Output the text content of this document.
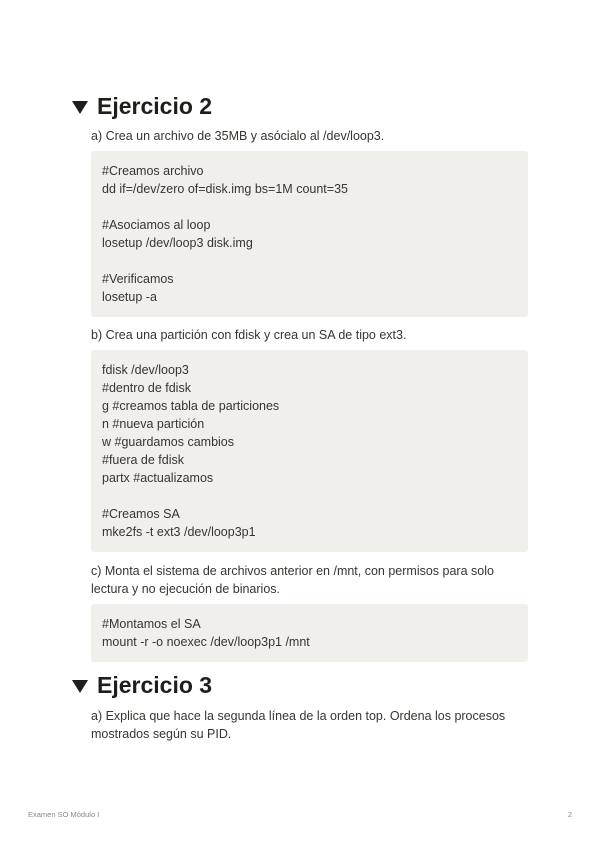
Ejercicio 2
a) Crea un archivo de 35MB y asócialo al /dev/loop3.
#Creamos archivo
dd if=/dev/zero of=disk.img bs=1M count=35
#Asociamos al loop
losetup /dev/loop3 disk.img
#Verificamos
losetup -a
b) Crea una partición con fdisk y crea un SA de tipo ext3.
fdisk /dev/loop3
#dentro de fdisk
g #creamos tabla de particiones
n #nueva partición
w #guardamos cambios
#fuera de fdisk
partx #actualizamos
#Creamos SA
mke2fs -t ext3 /dev/loop3p1
c) Monta el sistema de archivos anterior en /mnt, con permisos para solo
lectura y no ejecución de binarios.
#Montamos el SA
mount -r -o noexec /dev/loop3p1 /mnt
Ejercicio 3
a) Explica que hace la segunda línea de la orden top. Ordena los procesos
mostrados según su PID.
Examen SO Módulo I	2
